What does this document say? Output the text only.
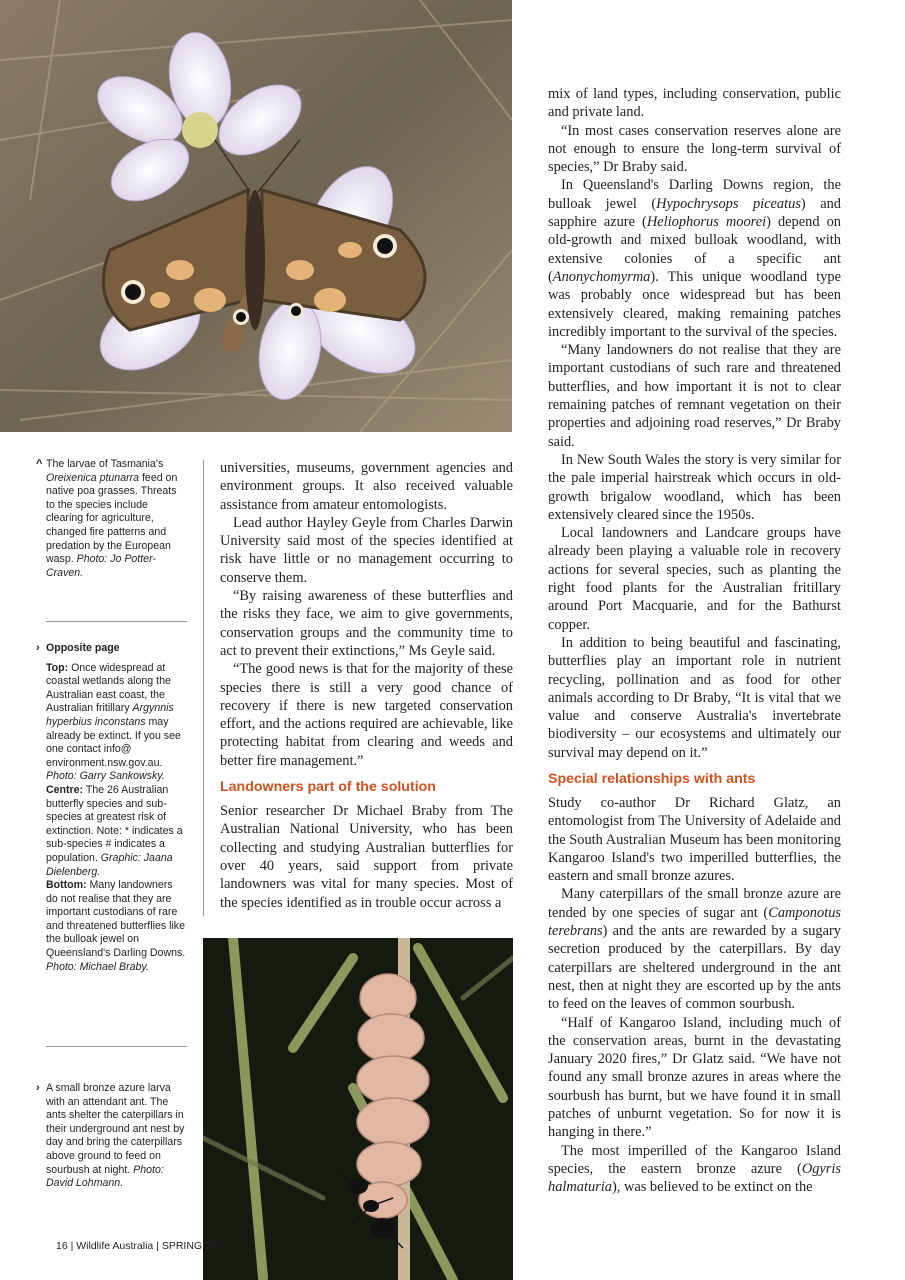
^ The larvae of Tasmania's Oreixenica ptunarra feed on native poa grasses. Threats to the species include clearing for agriculture, changed fire patterns and predation by the European wasp. Photo: Jo Potter-Craven.
› Opposite page
Top: Once widespread at coastal wetlands along the Australian east coast, the Australian fritillary Argynnis hyperbius inconstans may already be extinct. If you see one contact info@ environment.nsw.gov.au. Photo: Garry Sankowsky.
Centre: The 26 Australian butterfly species and sub-species at greatest risk of extinction. Note: * indicates a sub-species # indicates a population. Graphic: Jaana Dielenberg.
Bottom: Many landowners do not realise that they are important custodians of rare and threatened butterflies like the bulloak jewel on Queensland's Darling Downs. Photo: Michael Braby.
› A small bronze azure larva with an attendant ant. The ants shelter the caterpillars in their underground ant nest by day and bring the caterpillars above ground to feed on sourbush at night. Photo: David Lohmann.

universities, museums, government agencies and environment groups. It also received valuable assistance from amateur entomologists.

Lead author Hayley Geyle from Charles Darwin University said most of the species identified at risk have little or no management occurring to conserve them.

“By raising awareness of these butterflies and the risks they face, we aim to give governments, conservation groups and the community time to act to prevent their extinctions,” Ms Geyle said.

“The good news is that for the majority of these species there is still a very good chance of recovery if there is new targeted conservation effort, and the actions required are achievable, like protecting habitat from clearing and weeds and better fire management.”

Landowners part of the solution

Senior researcher Dr Michael Braby from The Australian National University, who has been collecting and studying Australian butterflies for over 40 years, said support from private landowners was vital for many species. Most of the species identified as in trouble occur across a

mix of land types, including conservation, public and private land.

“In most cases conservation reserves alone are not enough to ensure the long-term survival of species,” Dr Braby said.

In Queensland's Darling Downs region, the bulloak jewel (Hypochrysops piceatus) and sapphire azure (Heliophorus moorei) depend on old-growth and mixed bulloak woodland, with extensive colonies of a specific ant (Anonychomyrma). This unique woodland type was probably once widespread but has been extensively cleared, making remaining patches incredibly important to the survival of the species.

“Many landowners do not realise that they are important custodians of such rare and threatened butterflies, and how important it is not to clear remaining patches of remnant vegetation on their properties and adjoining road reserves,” Dr Braby said.

In New South Wales the story is very similar for the pale imperial hairstreak which occurs in old-growth brigalow woodland, which has been extensively cleared since the 1950s.

Local landowners and Landcare groups have already been playing a valuable role in recovery actions for several species, such as planting the right food plants for the Australian fritillary around Port Macquarie, and for the Bathurst copper.

In addition to being beautiful and fascinating, butterflies play an important role in nutrient recycling, pollination and as food for other animals according to Dr Braby, “It is vital that we value and conserve Australia's invertebrate biodiversity – our ecosystems and ultimately our survival may depend on it.”

Special relationships with ants

Study co-author Dr Richard Glatz, an entomologist from The University of Adelaide and the South Australian Museum has been monitoring Kangaroo Island's two imperilled butterflies, the eastern and small bronze azures.

Many caterpillars of the small bronze azure are tended by one species of sugar ant (Camponotus terebrans) and the ants are rewarded by a sugary secretion produced by the caterpillars. By day caterpillars are sheltered underground in the ant nest, then at night they are escorted up by the ants to feed on the leaves of common sourbush.

“Half of Kangaroo Island, including much of the conservation areas, burnt in the devastating January 2020 fires,” Dr Glatz said. “We have not found any small bronze azures in areas where the sourbush has burnt, but we have found it in small patches of unburnt vegetation. So for now it is hanging in there.”

The most imperilled of the Kangaroo Island species, the eastern bronze azure (Ogyris halmaturia), was believed to be extinct on the

16 | Wildlife Australia | SPRING 2021
